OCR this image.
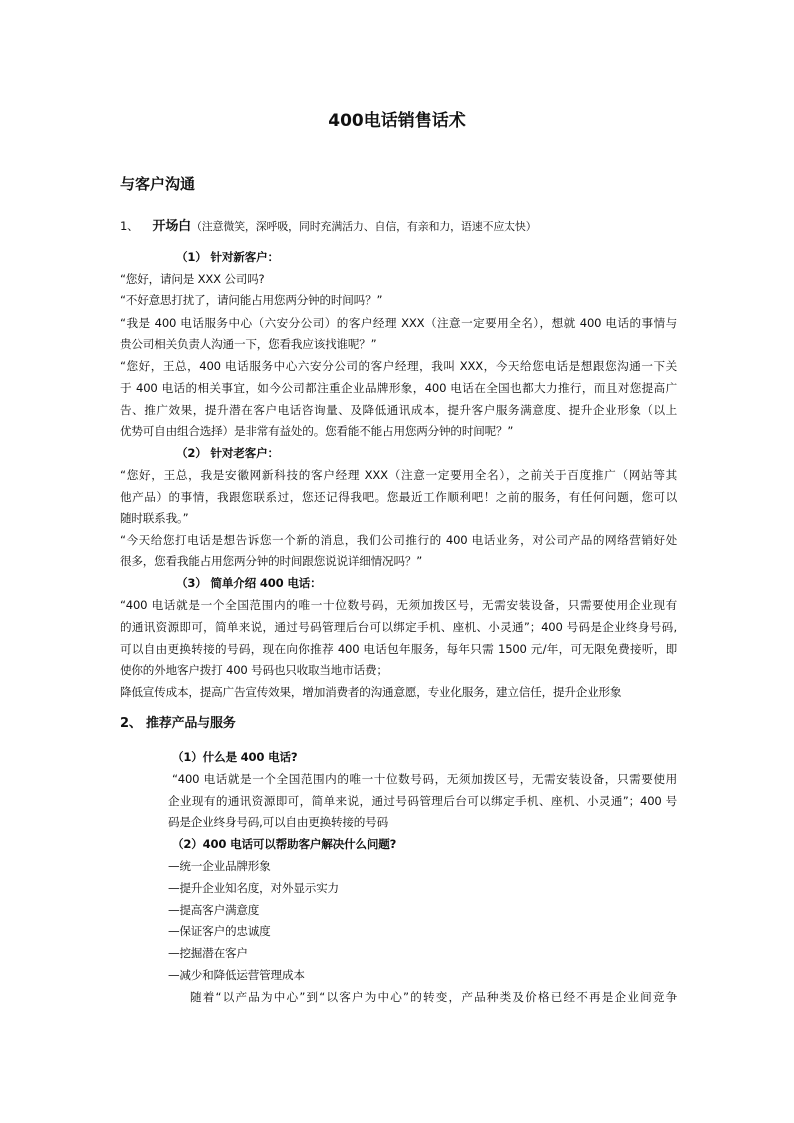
400电话销售话术
与客户沟通
1、 开场白（注意微笑，深呼吸，同时充满活力、自信，有亲和力，语速不应太快）
（1） 针对新客户：
“您好，请问是 XXX 公司吗?
“不好意思打扰了，请问能占用您两分钟的时间吗？”
“我是 400 电话服务中心（六安分公司）的客户经理 XXX（注意一定要用全名），想就 400 电话的事情与
贵公司相关负责人沟通一下，您看我应该找谁呢？”
“您好，王总，400 电话服务中心六安分公司的客户经理，我叫 XXX，今天给您电话是想跟您沟通一下关
于 400 电话的相关事宜，如今公司都注重企业品牌形象，400 电话在全国也都大力推行，而且对您提高广
告、推广效果，提升潜在客户电话咨询量、及降低通讯成本，提升客户服务满意度、提升企业形象（以上
优势可自由组合选择）是非常有益处的。您看能不能占用您两分钟的时间呢？”
（2） 针对老客户：
“您好，王总，我是安徽网新科技的客户经理 XXX（注意一定要用全名），之前关于百度推广（网站等其
他产品）的事情，我跟您联系过，您还记得我吧。您最近工作顺利吧！之前的服务，有任何问题，您可以
随时联系我。”
“今天给您打电话是想告诉您一个新的消息，我们公司推行的 400 电话业务，对公司产品的网络营销好处
很多，您看我能占用您两分钟的时间跟您说说详细情况吗？”
（3） 简单介绍 400 电话：
“400 电话就是一个全国范围内的唯一十位数号码，无须加拨区号，无需安装设备，只需要使用企业现有
的通讯资源即可，简单来说，通过号码管理后台可以绑定手机、座机、小灵通”；400 号码是企业终身号码,
可以自由更换转接的号码，现在向你推荐 400 电话包年服务，每年只需 1500 元/年，可无限免费接听，即
使你的外地客户拨打 400 号码也只收取当地市话费；
降低宣传成本，提高广告宣传效果，增加消费者的沟通意愿，专业化服务，建立信任，提升企业形象
2、 推荐产品与服务
（1）什么是 400 电话?
“400 电话就是一个全国范围内的唯一十位数号码，无须加拨区号，无需安装设备，只需要使用
企业现有的通讯资源即可，简单来说，通过号码管理后台可以绑定手机、座机、小灵通”；400 号
码是企业终身号码,可以自由更换转接的号码
（2）400 电话可以帮助客户解决什么问题?
—统一企业品牌形象
—提升企业知名度，对外显示实力
—提高客户满意度
—保证客户的忠诚度
—挖掘潜在客户
—减少和降低运营管理成本
随着“以产品为中心”到“以客户为中心”的转变，产品种类及价格已经不再是企业间竞争
